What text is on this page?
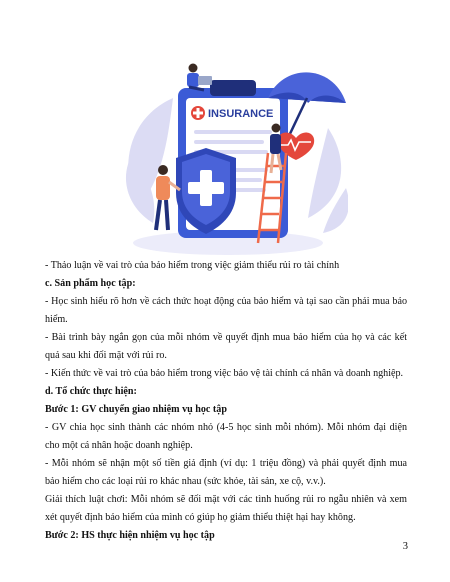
INSURANCE

- Thảo luận về vai trò của bảo hiểm trong việc giảm thiểu rủi ro tài chính

c. Sản phẩm học tập:

- Học sinh hiểu rõ hơn về cách thức hoạt động của bảo hiểm và tại sao cần phải mua bảo hiểm.

- Bài trình bày ngắn gọn của mỗi nhóm về quyết định mua bảo hiểm của họ và các kết quả sau khi đối mặt với rủi ro.

- Kiến thức về vai trò của bảo hiểm trong việc bảo vệ tài chính cá nhân và doanh nghiệp.

d. Tổ chức thực hiện:

Bước 1: GV chuyển giao nhiệm vụ học tập

- GV chia học sinh thành các nhóm nhỏ (4-5 học sinh mỗi nhóm). Mỗi nhóm đại diện cho một cá nhân hoặc doanh nghiệp.

- Mỗi nhóm sẽ nhận một số tiền giả định (ví dụ: 1 triệu đồng) và phải quyết định mua bảo hiểm cho các loại rủi ro khác nhau (sức khỏe, tài sản, xe cộ, v.v.).

Giải thích luật chơi: Mỗi nhóm sẽ đối mặt với các tình huống rủi ro ngẫu nhiên và xem xét quyết định bảo hiểm của mình có giúp họ giảm thiểu thiệt hại hay không.

Bước 2: HS thực hiện nhiệm vụ học tập

3
